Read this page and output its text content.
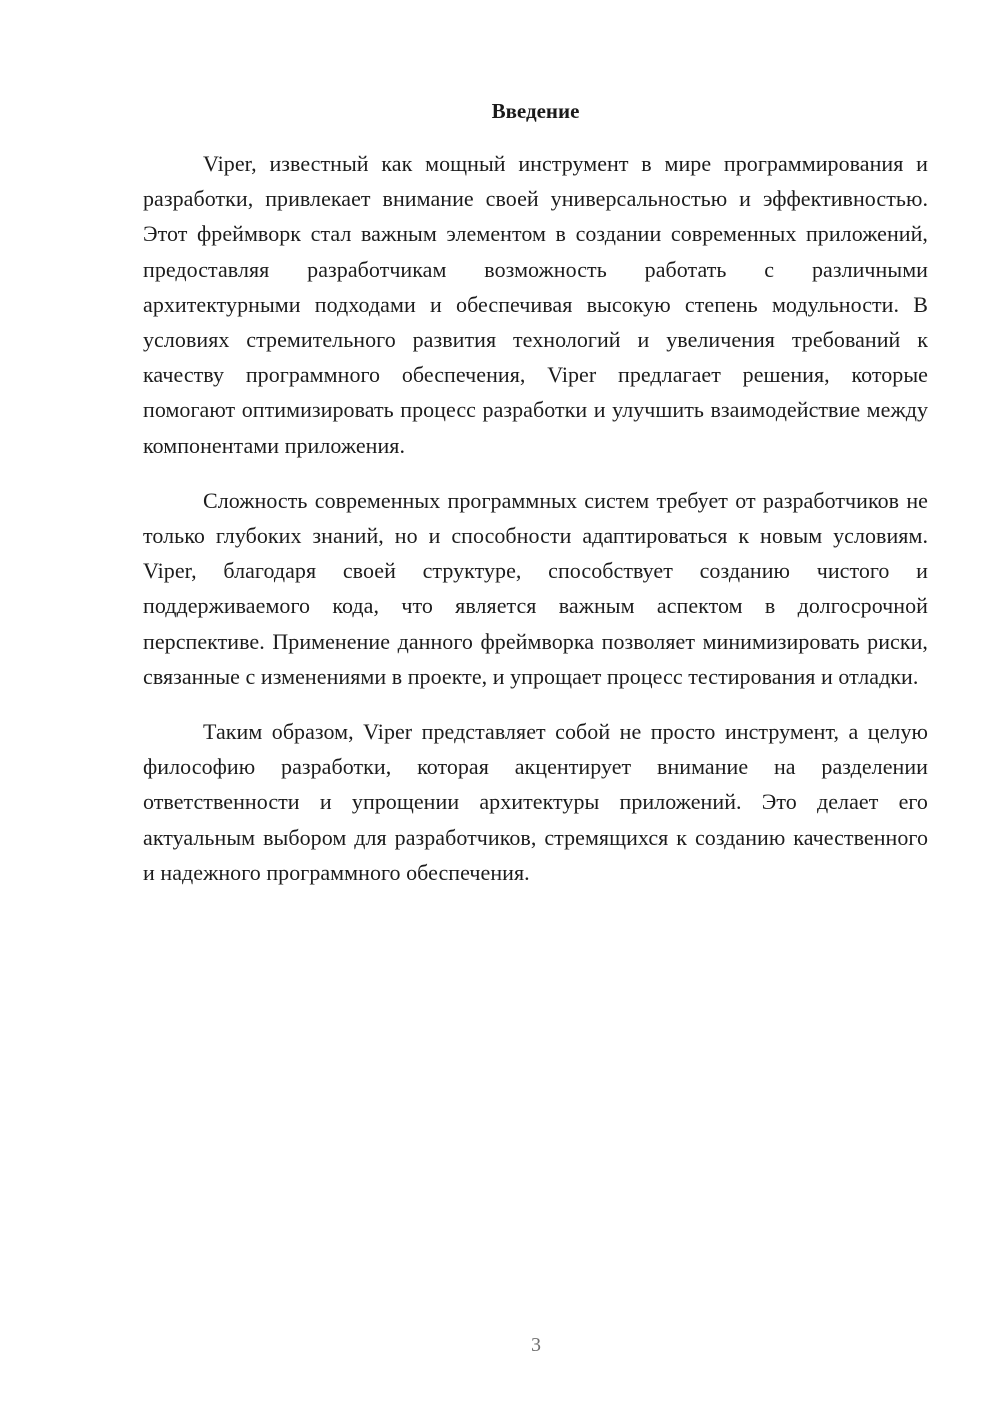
Введение

Viper, известный как мощный инструмент в мире программирования и разработки, привлекает внимание своей универсальностью и эффективностью. Этот фреймворк стал важным элементом в создании современных приложений, предоставляя разработчикам возможность работать с различными архитектурными подходами и обеспечивая высокую степень модульности. В условиях стремительного развития технологий и увеличения требований к качеству программного обеспечения, Viper предлагает решения, которые помогают оптимизировать процесс разработки и улучшить взаимодействие между компонентами приложения.

Сложность современных программных систем требует от разработчиков не только глубоких знаний, но и способности адаптироваться к новым условиям. Viper, благодаря своей структуре, способствует созданию чистого и поддерживаемого кода, что является важным аспектом в долгосрочной перспективе. Применение данного фреймворка позволяет минимизировать риски, связанные с изменениями в проекте, и упрощает процесс тестирования и отладки.

Таким образом, Viper представляет собой не просто инструмент, а целую философию разработки, которая акцентирует внимание на разделении ответственности и упрощении архитектуры приложений. Это делает его актуальным выбором для разработчиков, стремящихся к созданию качественного и надежного программного обеспечения.

3
